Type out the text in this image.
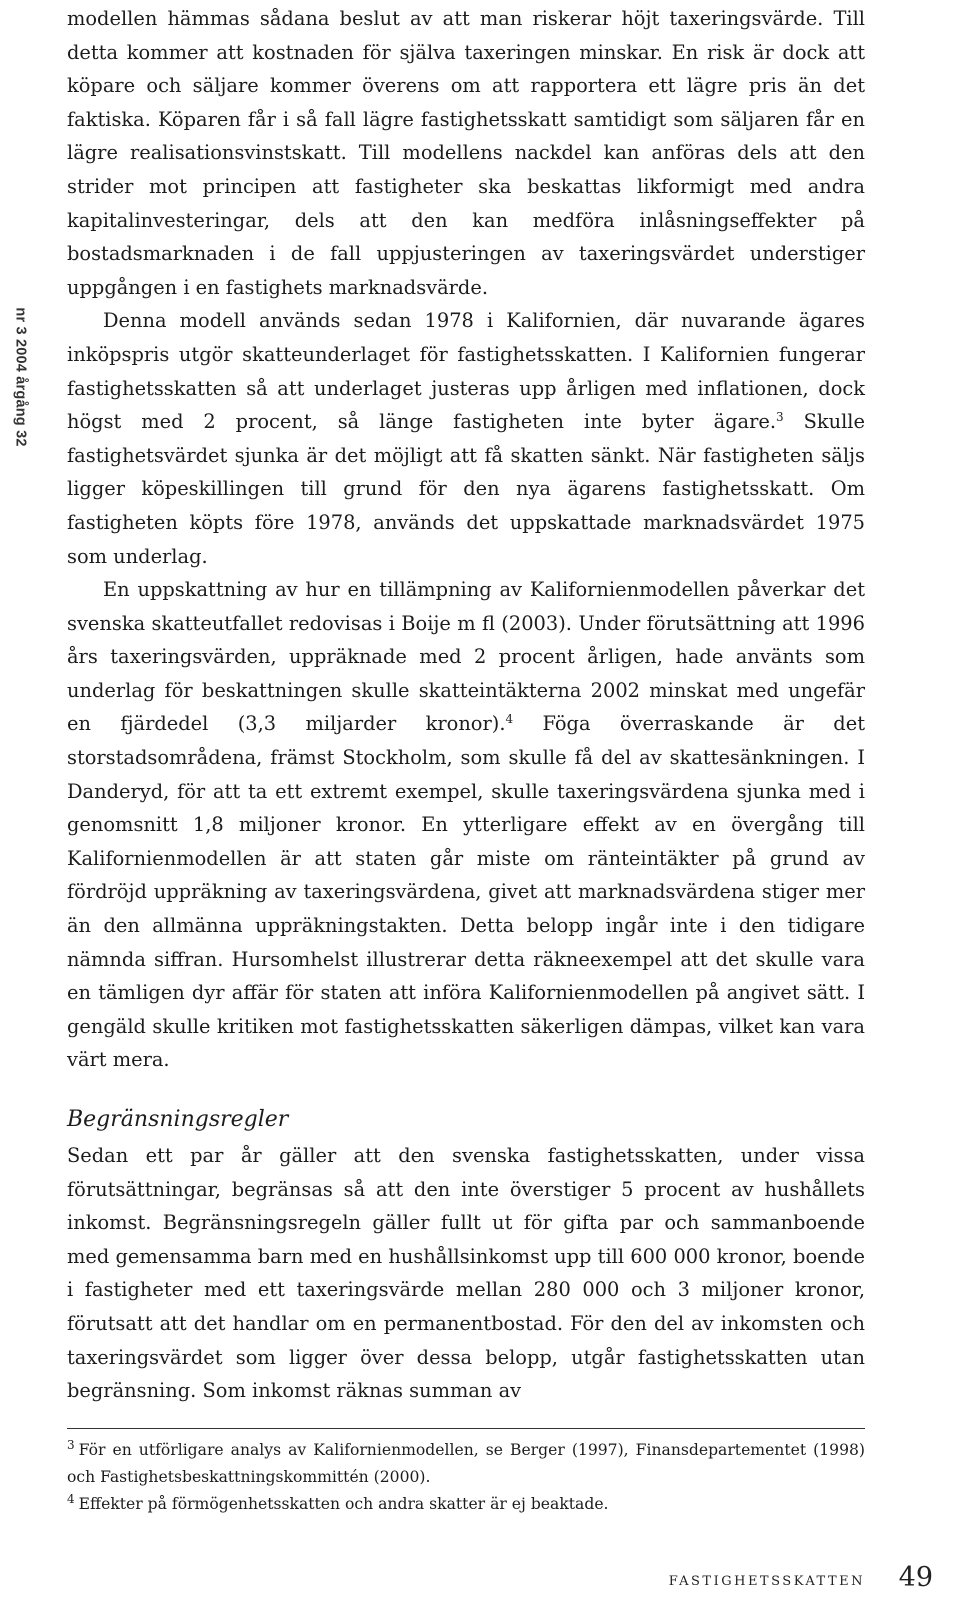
nr 3 2004 årgång 32

modellen hämmas sådana beslut av att man riskerar höjt taxeringsvärde. Till detta kommer att kostnaden för själva taxeringen minskar. En risk är dock att köpare och säljare kommer överens om att rapportera ett lägre pris än det faktiska. Köparen får i så fall lägre fastighetsskatt samtidigt som säljaren får en lägre realisationsvinstskatt. Till modellens nackdel kan anföras dels att den strider mot principen att fastigheter ska beskattas likformigt med andra kapitalinvesteringar, dels att den kan medföra inlåsningseffekter på bostadsmarknaden i de fall uppjusteringen av taxeringsvärdet understiger uppgången i en fastighets marknadsvärde.

Denna modell används sedan 1978 i Kalifornien, där nuvarande ägares inköpspris utgör skatteunderlaget för fastighetsskatten. I Kalifornien fungerar fastighetsskatten så att underlaget justeras upp årligen med inflationen, dock högst med 2 procent, så länge fastigheten inte byter ägare.$^3$ Skulle fastighetsvärdet sjunka är det möjligt att få skatten sänkt. När fastigheten säljs ligger köpeskillingen till grund för den nya ägarens fastighetsskatt. Om fastigheten köpts före 1978, används det uppskattade marknadsvärdet 1975 som underlag.

En uppskattning av hur en tillämpning av Kalifornienmodellen påverkar det svenska skatteutfallet redovisas i Boije m fl (2003). Under förutsättning att 1996 års taxeringsvärden, uppräknade med 2 procent årligen, hade använts som underlag för beskattningen skulle skatteintäkterna 2002 minskat med ungefär en fjärdedel (3,3 miljarder kronor).$^4$ Föga överraskande är det storstadsområdena, främst Stockholm, som skulle få del av skattesänkningen. I Danderyd, för att ta ett extremt exempel, skulle taxeringsvärdena sjunka med i genomsnitt 1,8 miljoner kronor. En ytterligare effekt av en övergång till Kalifornienmodellen är att staten går miste om ränteintäkter på grund av fördröjd uppräkning av taxeringsvärdena, givet att marknadsvärdena stiger mer än den allmänna uppräkningstakten. Detta belopp ingår inte i den tidigare nämnda siffran. Hursomhelst illustrerar detta räkneexempel att det skulle vara en tämligen dyr affär för staten att införa Kalifornienmodellen på angivet sätt. I gengäld skulle kritiken mot fastighetsskatten säkerligen dämpas, vilket kan vara värt mera.

Begränsningsregler

Sedan ett par år gäller att den svenska fastighetsskatten, under vissa förutsättningar, begränsas så att den inte överstiger 5 procent av hushållets inkomst. Begränsningsregeln gäller fullt ut för gifta par och sammanboende med gemensamma barn med en hushållsinkomst upp till 600 000 kronor, boende i fastigheter med ett taxeringsvärde mellan 280 000 och 3 miljoner kronor, förutsatt att det handlar om en permanentbostad. För den del av inkomsten och taxeringsvärdet som ligger över dessa belopp, utgår fastighetsskatten utan begränsning. Som inkomst räknas summan av

$^3$ För en utförligare analys av Kalifornienmodellen, se Berger (1997), Finansdepartementet (1998) och Fastighetsbeskattningskommittén (2000).

$^4$ Effekter på förmögenhetsskatten och andra skatter är ej beaktade.

FASTIGHETSSKATTEN 49
